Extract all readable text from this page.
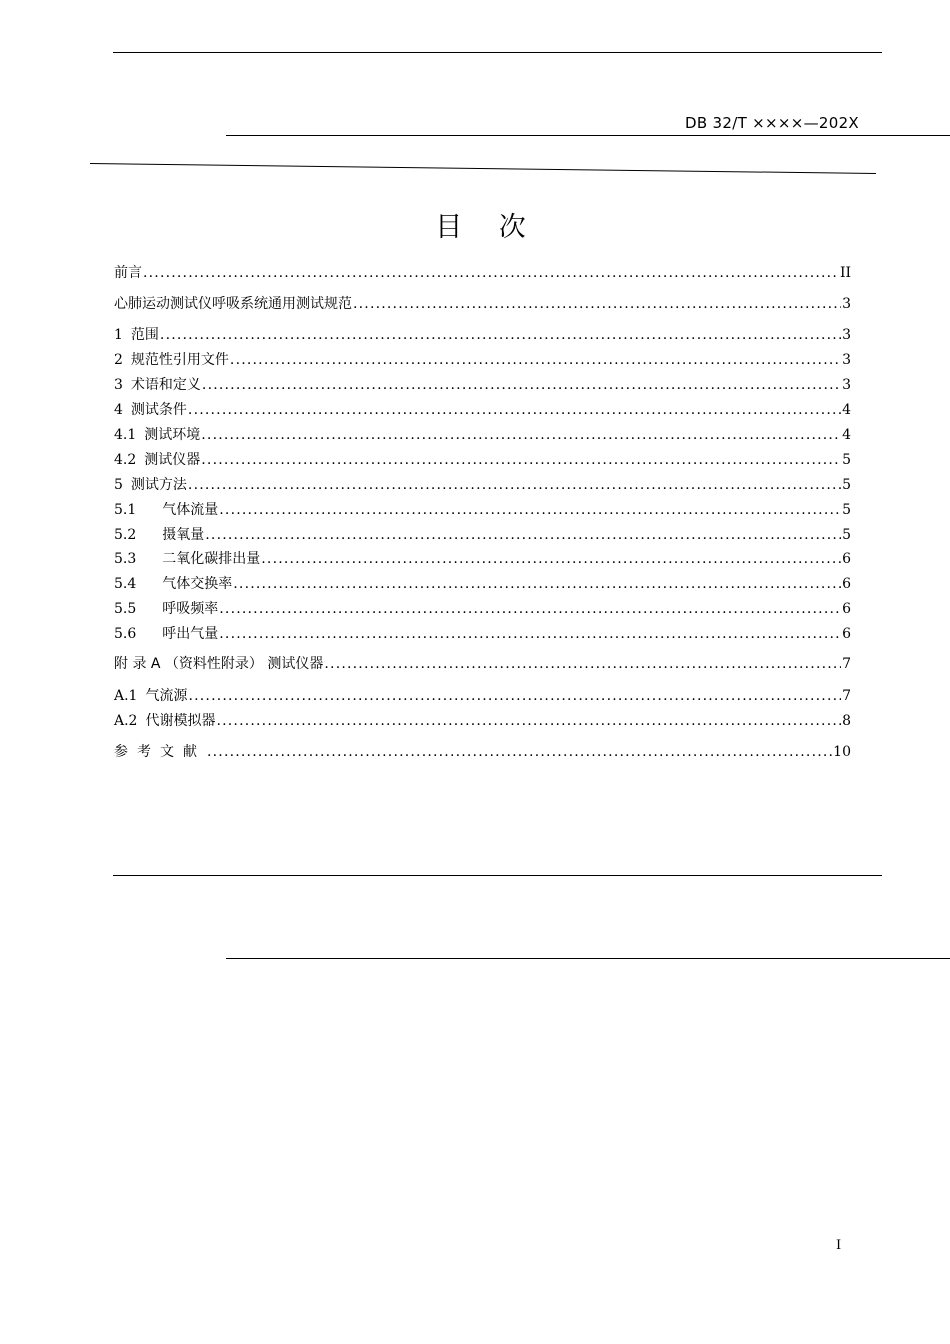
DB 32/T ××××—202X
目 次
前言 .....	II
心肺运动测试仪呼吸系统通用测试规范 .....	3
1 范围 .....	3
2 规范性引用文件 .....	3
3 术语和定义 .....	3
4 测试条件 .....	4
4.1 测试环境 .....	4
4.2 测试仪器 .....	5
5 测试方法 .....	5
5.1 气体流量 .....	5
5.2 摄氧量 .....	5
5.3 二氧化碳排出量 .....	6
5.4 气体交换率 .....	6
5.5 呼吸频率 .....	6
5.6 呼出气量 .....	6
附 录 A （资料性附录） 测试仪器 .....	7
A.1 气流源 .....	7
A.2 代谢模拟器 .....	8
参考文献 .....	10
I
